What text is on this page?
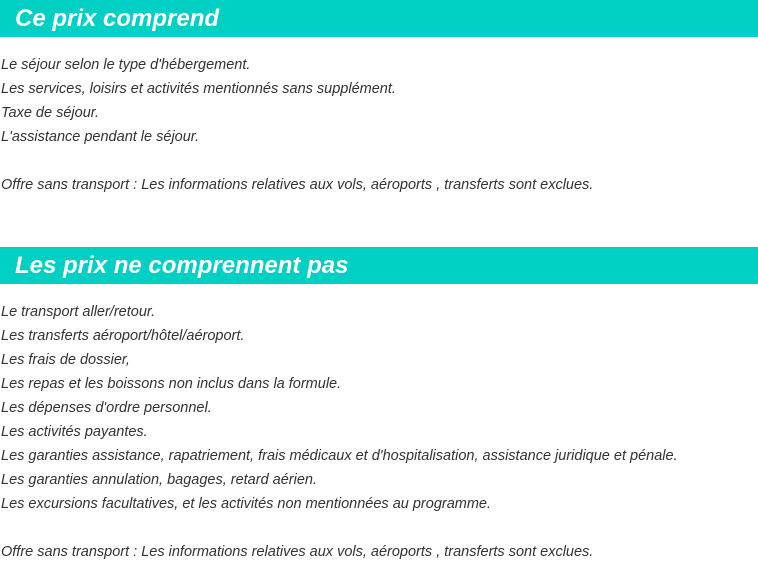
Ce prix comprend
Le séjour selon le type d'hébergement.
Les services, loisirs et activités mentionnés sans supplément.
Taxe de séjour.
L'assistance pendant le séjour.
Offre sans transport : Les informations relatives aux vols, aéroports , transferts sont exclues.
Les prix ne comprennent pas
Le transport aller/retour.
Les transferts aéroport/hôtel/aéroport.
Les frais de dossier,
Les repas et les boissons non inclus dans la formule.
Les dépenses d'ordre personnel.
Les activités payantes.
Les garanties assistance, rapatriement, frais médicaux et d'hospitalisation, assistance juridique et pénale.
Les garanties annulation, bagages, retard aérien.
Les excursions facultatives, et les activités non mentionnées au programme.
Offre sans transport : Les informations relatives aux vols, aéroports , transferts sont exclues.
